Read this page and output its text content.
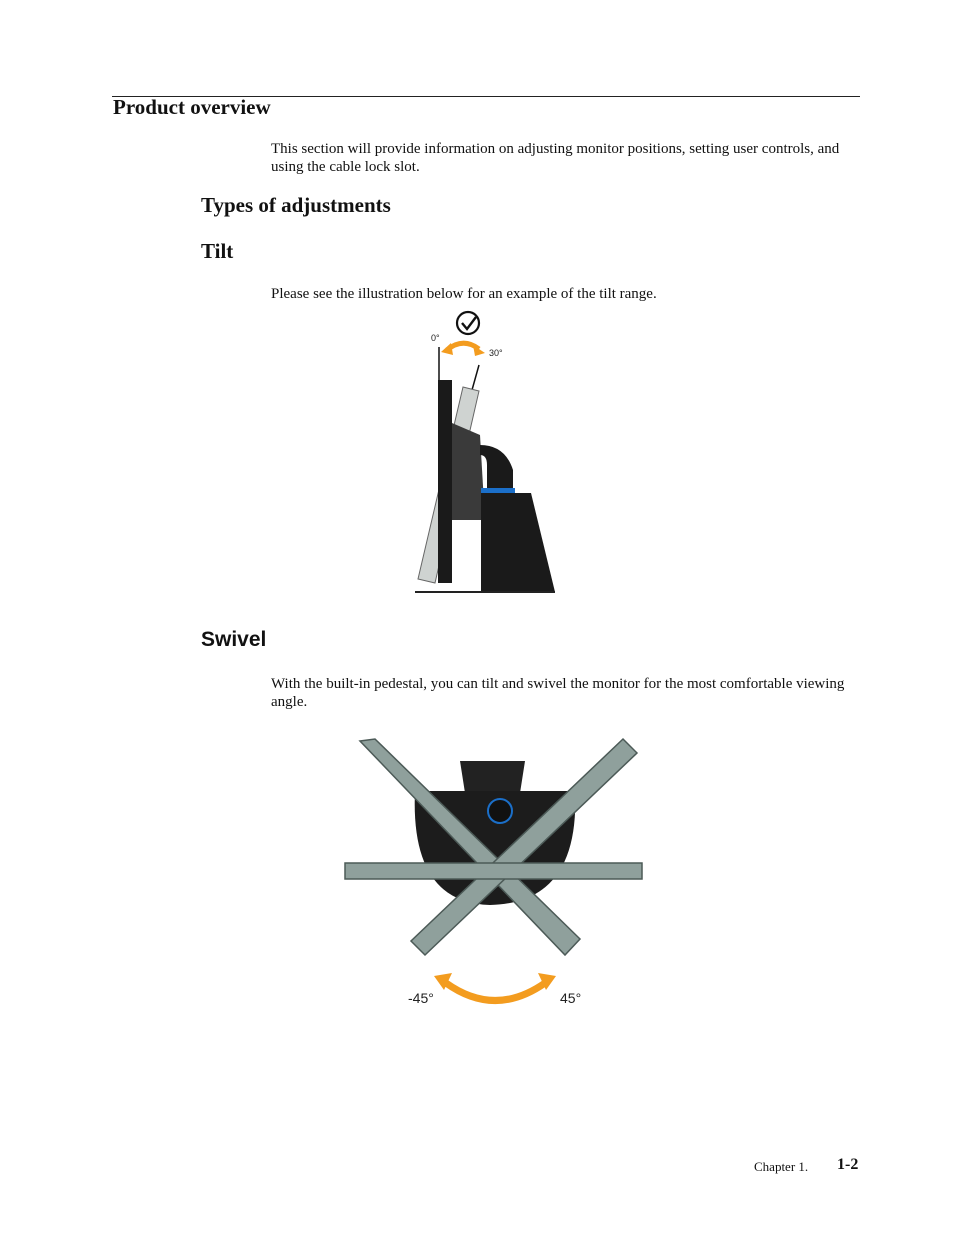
Product overview

This section will provide information on adjusting monitor positions, setting user controls, and using the cable lock slot.

Types of adjustments
Tilt

Please see the illustration below for an example of the tilt range.

0°
30°
Swivel

With the built-in pedestal, you can tilt and swivel the monitor for the most comfortable viewing angle.

-45°	45°
Chapter 1. 1-2
